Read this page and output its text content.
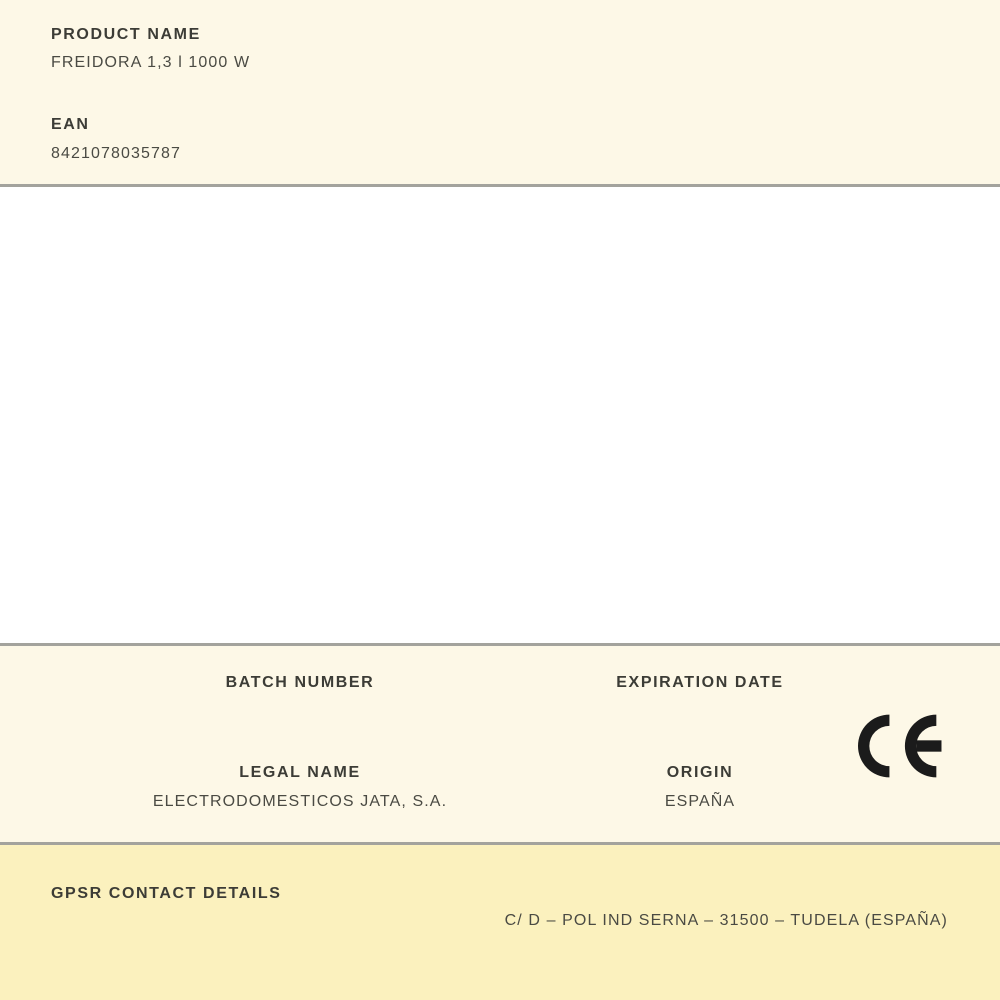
PRODUCT NAME
FREIDORA 1,3 l 1000 W
EAN
8421078035787
BATCH NUMBER
LEGAL NAME
ELECTRODOMESTICOS JATA, S.A.
EXPIRATION DATE
ORIGIN
ESPAÑA
GPSR CONTACT DETAILS
C/ D – POL IND SERNA – 31500 – TUDELA (ESPAÑA)
